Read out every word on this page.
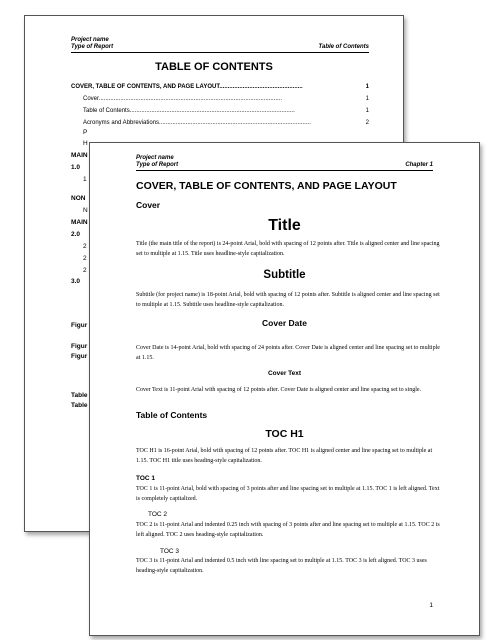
Project name
Type of Report	Table of Contents
TABLE OF CONTENTS
COVER, TABLE OF CONTENTS, AND PAGE LAYOUT..................................................	1
Cover..............................................................................................................	1
Table of Contents...................................................................................................	1
Acronyms and Abbreviations...........................................................................................	2
P
H
MAIN
1.0
1
NON
N
MAIN
2.0
2
2
2
3.0
Figur
Figur
Figur
Table
Table
Project name
Type of Report	Chapter 1
COVER, TABLE OF CONTENTS, AND PAGE LAYOUT
Cover
Title
Title (the main title of the report) is 24-point Arial, bold with spacing of 12 points after. Title is aligned center and line spacing set to multiple at 1.15. Title uses headline-style capitalization.
Subtitle
Subtitle (for project name) is 18-point Arial, bold with spacing of 12 points after. Subtitle is aligned center and line spacing set to multiple at 1.15. Subtitle uses headline-style capitalization.
Cover Date
Cover Date is 14-point Arial, bold with spacing of 24 points after. Cover Date is aligned center and line spacing set to multiple at 1.15.
Cover Text
Cover Text is 11-point Arial with spacing of 12 points after. Cover Date is aligned center and line spacing set to single.
Table of Contents
TOC H1
TOC H1 is 16-point Arial, bold with spacing of 12 points after. TOC H1 is aligned center and line spacing set to multiple at 1.15. TOC H1 title uses heading-style capitalization.
TOC 1
TOC 1 is 11-point Arial, bold with spacing of 3 points after and line spacing set to multiple at 1.15. TOC 1 is left aligned. Text is completely capitalized.
TOC 2
TOC 2 is 11-point Arial and indented 0.25 inch with spacing of 3 points after and line spacing set to multiple at 1.15. TOC 2 is left aligned. TOC 2 uses heading-style capitalization.
TOC 3
TOC 3 is 11-point Arial and indented 0.5 inch with line spacing set to multiple at 1.15. TOC 3 is left aligned. TOC 3 uses heading-style capitalization.
1
